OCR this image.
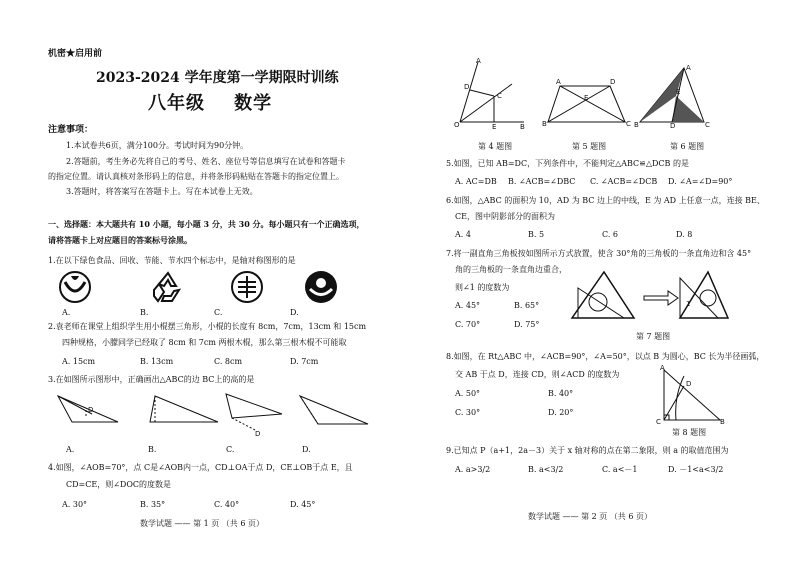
机密★启用前
2023-2024 学年度第一学期限时训练
八年级    数学
注意事项：
1.本试卷共6页，满分100分。考试时间为90分钟。
2.答题前，考生务必先将自己的考号、姓名、座位号等信息填写在试卷和答题卡
的指定位置。请认真核对条形码上的信息，并将条形码粘贴在答题卡的指定位置上。
3.答题时，将答案写在答题卡上。写在本试卷上无效。
一、选择题：本大题共有 10 小题，每小题 3 分，共 30 分。每小题只有一个正确选项，
请将答题卡上对应题目的答案标号涂黑。
1.在以下绿色食品、回收、节能、节水四个标志中，是轴对称图形的是
A.	B.	C.	D.
2.袁老师在课堂上组织学生用小棍摆三角形，小棍的长度有 8cm，7cm，13cm 和 15cm
四种规格，小朦同学已经取了 8cm 和 7cm 两根木棍，那么第三根木棍不可能取
A. 15cm	B. 13cm	C. 8cm	D. 7cm
3.在如图所示图形中，正确画出△ABC的边 BC上的高的是
D
D
A.	B.	C.	D.
4.如图，∠AOB=70°，点 C是∠AOB内一点，CD⊥OA于点 D，CE⊥OB于点 E，且
CD=CE，则∠DOC的度数是
A. 30°	B. 35°	C. 40°	D. 45°
数学试题 —— 第 1 页 （共 6 页）
A
D
C
O	E	B
A	D
E
B	C
A
E
B	D	C
第 4 题图	第 5 题图	第 6 题图
5.如图，已知 AB=DC，下列条件中，不能判定△ABC≌△DCB 的是
A. AC=DB B. ∠ACB=∠DBC C. ∠ACB=∠DCB D. ∠A=∠D=90°
6.如图，△ABC 的面积为 10，AD 为 BC 边上的中线，E 为 AD 上任意一点，连接 BE、
CE，图中阴影部分的面积为
A. 4	B. 5	C. 6	D. 8
7.将一副直角三角板按如图所示方式放置，使含 30°角的三角板的一条直角边和含 45°
角的三角板的一条直角边重合，
则∠1 的度数为
A. 45°	B. 65°
C. 70°	D. 75°
1
第 7 题图
8.如图，在 Rt△ABC 中，∠ACB=90°，∠A=50°，以点 B 为圆心，BC 长为半径画弧，
交 AB 于点 D，连接 CD，则∠ACD 的度数为
A. 50°	B. 40°
C. 30°	D. 20°
A
D
C	B
第 8 题图
9.已知点 P（a+1，2a－3）关于 x 轴对称的点在第二象限，则 a 的取值范围为
A. a>3/2	B. a<3/2	C. a<－1	D. －1<a<3/2
数学试题 —— 第 2 页 （共 6 页）
